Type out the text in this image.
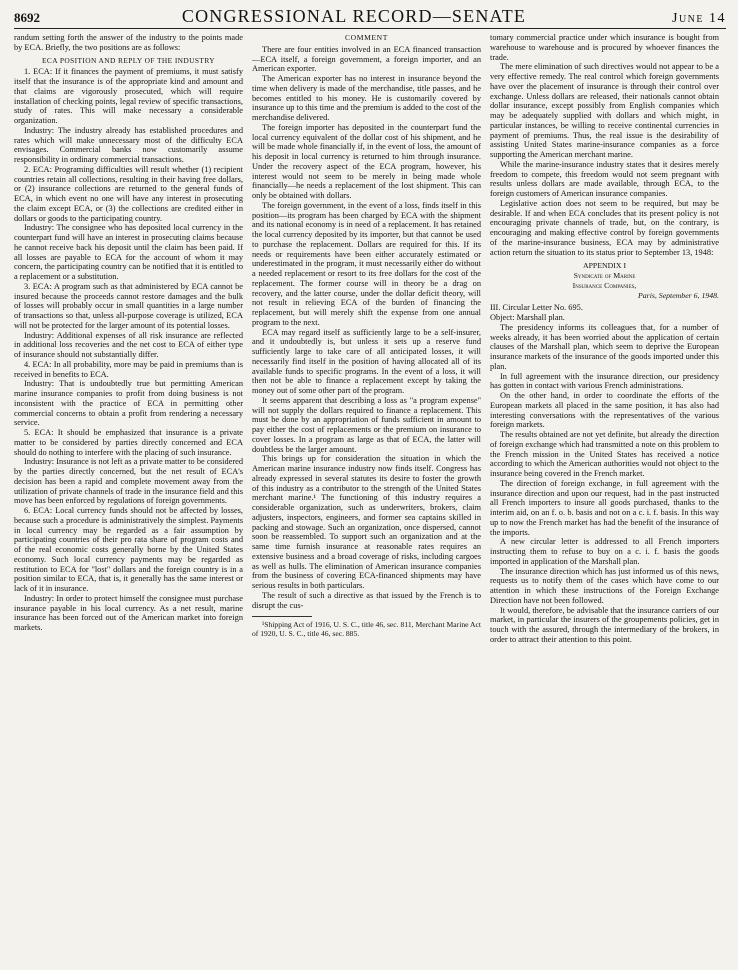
8692	CONGRESSIONAL RECORD—SENATE	June 14

randum setting forth the answer of the industry to the points made by ECA. Briefly, the two positions are as follows:

ECA POSITION AND REPLY OF THE INDUSTRY

1. ECA: If it finances the payment of premiums, it must satisfy itself that the insurance is of the appropriate kind and amount and that claims are vigorously prosecuted, which will require installation of checking points, legal review of specific transactions, study of rates. This will make necessary a considerable organization.

Industry: The industry already has established procedures and rates which will make unnecessary most of the difficulty ECA envisages. Commercial banks now customarily assume responsibility in ordinary commercial transactions.

2. ECA: Programing difficulties will result whether (1) recipient countries retain all collections, resulting in their having free dollars, or (2) insurance collections are returned to the general funds of ECA, in which event no one will have any interest in prosecuting the claim except ECA, or (3) the collections are credited either in dollars or goods to the participating country.

Industry: The consignee who has deposited local currency in the counterpart fund will have an interest in prosecuting claims because he cannot receive back his deposit until the claim has been paid. If all losses are payable to ECA for the account of whom it may concern, the participating country can be notified that it is entitled to a replacement or a substitution.

3. ECA: A program such as that administered by ECA cannot be insured because the proceeds cannot restore damages and the bulk of losses will probably occur in small quantities in a large number of transactions so that, unless all-purpose coverage is utilized, ECA will not be protected for the larger amount of its potential losses.

Industry: Additional expenses of all risk insurance are reflected in additional loss recoveries and the net cost to ECA of either type of insurance should not substantially differ.

4. ECA: In all probability, more may be paid in premiums than is received in benefits to ECA.

Industry: That is undoubtedly true but permitting American marine insurance companies to profit from doing business is not inconsistent with the practice of ECA in permitting other commercial concerns to obtain a profit from rendering a necessary service.

5. ECA: It should be emphasized that insurance is a private matter to be considered by parties directly concerned and ECA should do nothing to interfere with the placing of such insurance.

Industry: Insurance is not left as a private matter to be considered by the parties directly concerned, but the net result of ECA's decision has been a rapid and complete movement away from the utilization of private channels of trade in the insurance field and this move has been enforced by regulations of foreign governments.

6. ECA: Local currency funds should not be affected by losses, because such a procedure is administratively the simplest. Payments in local currency may be regarded as a fair assumption by participating countries of their pro rata share of program costs and of the real economic costs generally borne by the United States economy. Such local currency payments may be regarded as restitution to ECA for "lost" dollars and the foreign country is in a position similar to ECA, that is, it generally has the same interest or lack of it in insurance.

Industry: In order to protect himself the consignee must purchase insurance payable in his local currency. As a net result, marine insurance has been forced out of the American market into foreign markets.

COMMENT

There are four entities involved in an ECA financed transaction—ECA itself, a foreign government, a foreign importer, and an American exporter.

The American exporter has no interest in insurance beyond the time when delivery is made of the merchandise, title passes, and he becomes entitled to his money. He is customarily covered by insurance up to this time and the premium is added to the cost of the merchandise delivered.

The foreign importer has deposited in the counterpart fund the local currency equivalent of the dollar cost of his shipment, and he will be made whole financially if, in the event of loss, the amount of his deposit in local currency is returned to him through insurance. Under the recovery aspect of the ECA program, however, his interest would not seem to be merely in being made whole financially—he needs a replacement of the lost shipment. This can only be obtained with dollars.

The foreign government, in the event of a loss, finds itself in this position—its program has been charged by ECA with the shipment and its national economy is in need of a replacement. It has retained the local currency deposited by its importer, but that cannot be used to purchase the replacement. Dollars are required for this. If its needs or requirements have been either accurately estimated or underestimated in the program, it must necessarily either do without a needed replacement or resort to its free dollars for the cost of the replacement. The former course will in theory be a drag on recovery, and the latter course, under the dollar deficit theory, will not result in relieving ECA of the burden of financing the replacement, but will merely shift the expense from one annual program to the next.

ECA may regard itself as sufficiently large to be a self-insurer, and it undoubtedly is, but unless it sets up a reserve fund sufficiently large to take care of all anticipated losses, it will necessarily find itself in the position of having allocated all of its available funds to specific programs. In the event of a loss, it will then not be able to finance a replacement except by taking the money out of some other part of the program.

It seems apparent that describing a loss as "a program expense" will not supply the dollars required to finance a replacement. This must be done by an appropriation of funds sufficient in amount to pay either the cost of replacements or the premium on insurance to cover losses. In a program as large as that of ECA, the latter will doubtless be the larger amount.

This brings up for consideration the situation in which the American marine insurance industry now finds itself. Congress has already expressed in several statutes its desire to foster the growth of this industry as a contributor to the strength of the United States merchant marine.¹ The functioning of this industry requires a considerable organization, such as underwriters, brokers, claim adjusters, inspectors, engineers, and former sea captains skilled in packing and stowage. Such an organization, once dispersed, cannot soon be reassembled. To support such an organization and at the same time furnish insurance at reasonable rates requires an extensive business and a broad coverage of risks, including cargoes as well as hulls. The elimination of American insurance companies from the business of covering ECA-financed shipments may have serious results in both particulars.

The result of such a directive as that issued by the French is to disrupt the cus-

¹Shipping Act of 1916, U. S. C., title 46, sec. 811, Merchant Marine Act of 1920, U. S. C., title 46, sec. 885.

tomary commercial practice under which insurance is bought from warehouse to warehouse and is procured by whoever finances the trade.

The mere elimination of such directives would not appear to be a very effective remedy. The real control which foreign governments have over the placement of insurance is through their control over exchange. Unless dollars are released, their nationals cannot obtain dollar insurance, except possibly from English companies which may be adequately supplied with dollars and which might, in particular instances, be willing to receive continental currencies in payment of premiums. Thus, the real issue is the desirability of assisting United States marine-insurance companies as a force supporting the American merchant marine.

While the marine-insurance industry states that it desires merely freedom to compete, this freedom would not seem pregnant with results unless dollars are made available, through ECA, to the foreign customers of American insurance companies.

Legislative action does not seem to be required, but may be desirable. If and when ECA concludes that its present policy is not encouraging private channels of trade, but, on the contrary, is encouraging and making effective control by foreign governments of the marine-insurance business, ECA may by administrative action return the situation to its status prior to September 13, 1948:

APPENDIX I
Syndicate of Marine
Insurance Companies,
Paris, September 6, 1948.

III. Circular Letter No. 695.

Object: Marshall plan.

The presidency informs its colleagues that, for a number of weeks already, it has been worried about the application of certain clauses of the Marshall plan, which seem to deprive the European insurance markets of the insurance of the goods imported under this plan.

In full agreement with the insurance direction, our presidency has gotten in contact with various French administrations.

On the other hand, in order to coordinate the efforts of the European markets all placed in the same position, it has also had interesting conversations with the representatives of the various foreign markets.

The results obtained are not yet definite, but already the direction of foreign exchange which had transmitted a note on this problem to the French mission in the United States has received a notice according to which the American authorities would not object to the insurance being covered in the French market.

The direction of foreign exchange, in full agreement with the insurance direction and upon our request, had in the past instructed all French importers to insure all goods purchased, thanks to the interim aid, on an f. o. b. basis and not on a c. i. f. basis. In this way up to now the French market has had the benefit of the insurance of the imports.

A new circular letter is addressed to all French importers instructing them to refuse to buy on a c. i. f. basis the goods imported in application of the Marshall plan.

The insurance direction which has just informed us of this news, requests us to notify them of the cases which have come to our attention in which these instructions of the Foreign Exchange Direction have not been followed.

It would, therefore, be advisable that the insurance carriers of our market, in particular the insurers of the groupements policies, get in touch with the assured, through the intermediary of the brokers, in order to attract their attention to this point.
